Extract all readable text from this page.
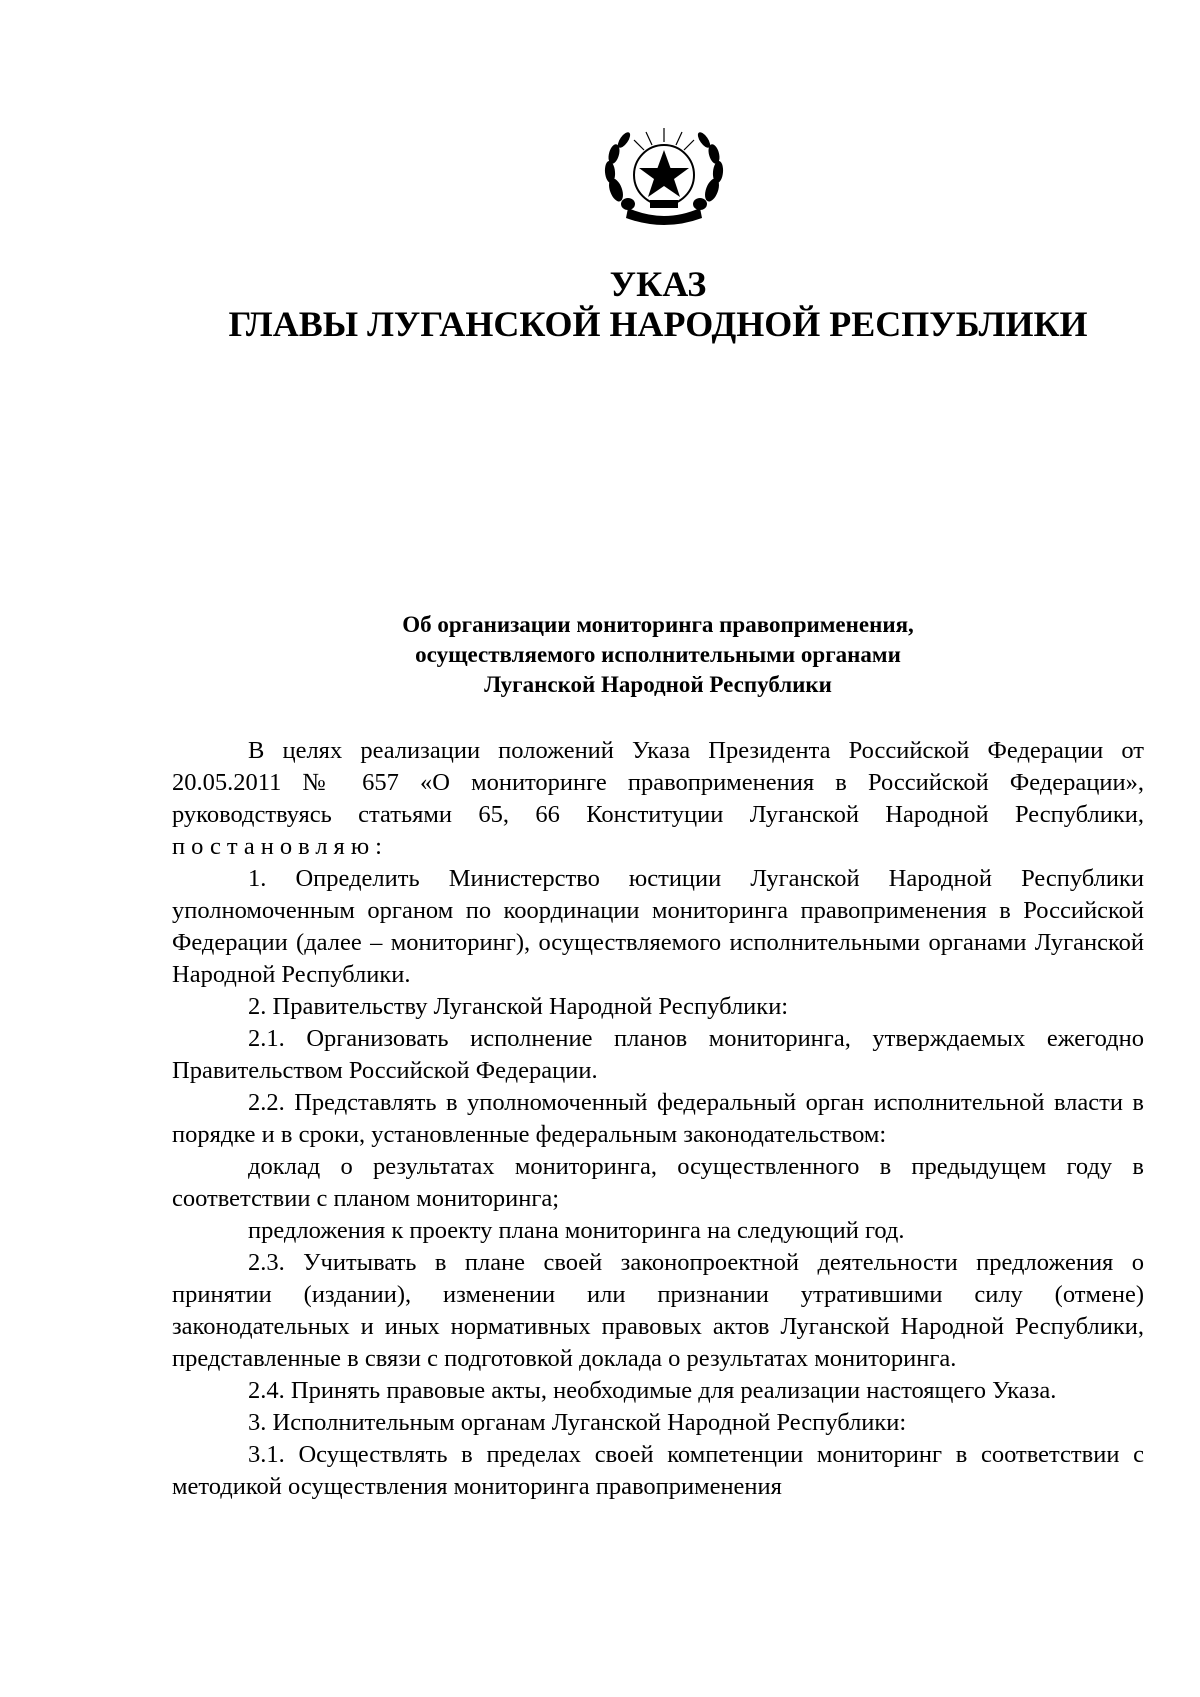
УКАЗ
ГЛАВЫ ЛУГАНСКОЙ НАРОДНОЙ РЕСПУБЛИКИ
Об организации мониторинга правоприменения,
осуществляемого исполнительными органами
Луганской Народной Республики

В целях реализации положений Указа Президента Российской Федерации от 20.05.2011 № 657 «О мониторинге правоприменения в Российской Федерации», руководствуясь статьями 65, 66 Конституции Луганской Народной Республики, постановляю:

1. Определить Министерство юстиции Луганской Народной Республики уполномоченным органом по координации мониторинга правоприменения в Российской Федерации (далее – мониторинг), осуществляемого исполнительными органами Луганской Народной Республики.

2. Правительству Луганской Народной Республики:

2.1. Организовать исполнение планов мониторинга, утверждаемых ежегодно Правительством Российской Федерации.

2.2. Представлять в уполномоченный федеральный орган исполнительной власти в порядке и в сроки, установленные федеральным законодательством:

доклад о результатах мониторинга, осуществленного в предыдущем году в соответствии с планом мониторинга;

предложения к проекту плана мониторинга на следующий год.

2.3. Учитывать в плане своей законопроектной деятельности предложения о принятии (издании), изменении или признании утратившими силу (отмене) законодательных и иных нормативных правовых актов Луганской Народной Республики, представленные в связи с подготовкой доклада о результатах мониторинга.

2.4. Принять правовые акты, необходимые для реализации настоящего Указа.

3. Исполнительным органам Луганской Народной Республики:

3.1. Осуществлять в пределах своей компетенции мониторинг в соответствии с методикой осуществления мониторинга правоприменения
